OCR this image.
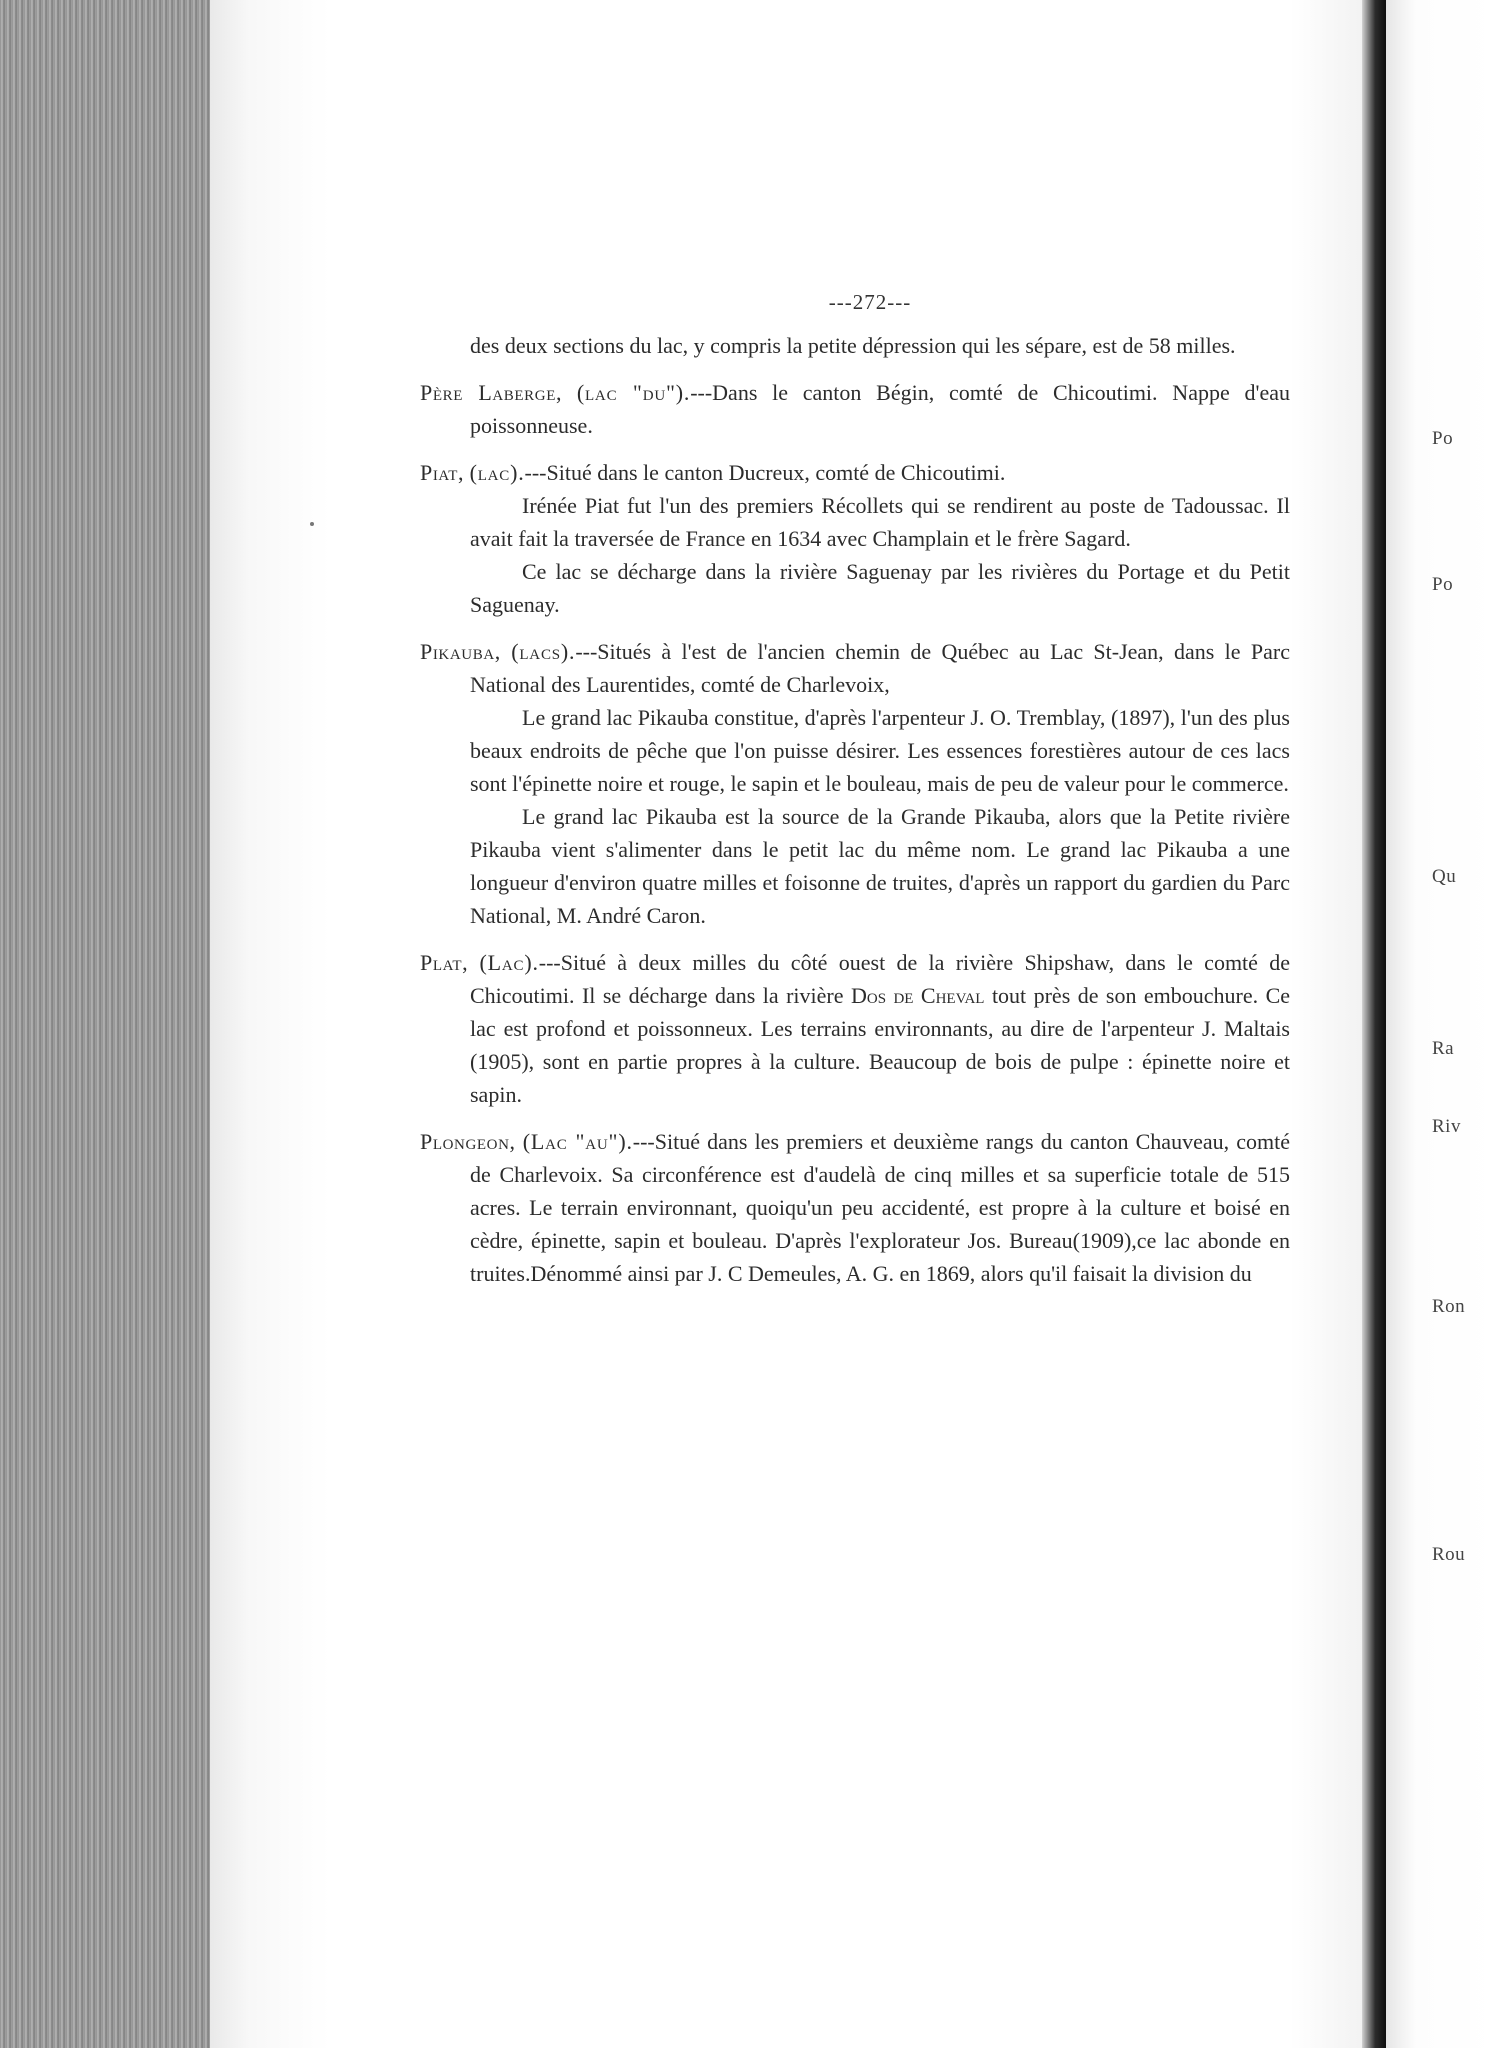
Po
Po
Qu
Ra
Riv
Ron
Rou
---272---

des deux sections du lac, y compris la petite dépression qui les sépare, est de 58 milles.

Père Laberge, (lac "du").---Dans le canton Bégin, comté de Chicoutimi. Nappe d'eau poissonneuse.

Piat, (lac).---Situé dans le canton Ducreux, comté de Chicoutimi.

Irénée Piat fut l'un des premiers Récollets qui se rendirent au poste de Tadoussac. Il avait fait la traversée de France en 1634 avec Champlain et le frère Sagard.

Ce lac se décharge dans la rivière Saguenay par les rivières du Portage et du Petit Saguenay.

Pikauba, (lacs).---Situés à l'est de l'ancien chemin de Québec au Lac St-Jean, dans le Parc National des Laurentides, comté de Charlevoix,

Le grand lac Pikauba constitue, d'après l'arpenteur J. O. Tremblay, (1897), l'un des plus beaux endroits de pêche que l'on puisse désirer. Les essences forestières autour de ces lacs sont l'épinette noire et rouge, le sapin et le bouleau, mais de peu de valeur pour le commerce.

Le grand lac Pikauba est la source de la Grande Pikauba, alors que la Petite rivière Pikauba vient s'alimenter dans le petit lac du même nom. Le grand lac Pikauba a une longueur d'environ quatre milles et foisonne de truites, d'après un rapport du gardien du Parc National, M. André Caron.

Plat, (Lac).---Situé à deux milles du côté ouest de la rivière Shipshaw, dans le comté de Chicoutimi. Il se décharge dans la rivière Dos de Cheval tout près de son embouchure. Ce lac est profond et poissonneux. Les terrains environnants, au dire de l'arpenteur J. Maltais (1905), sont en partie propres à la culture. Beaucoup de bois de pulpe : épinette noire et sapin.

Plongeon, (Lac "au").---Situé dans les premiers et deuxième rangs du canton Chauveau, comté de Charlevoix. Sa circonférence est d'audelà de cinq milles et sa superficie totale de 515 acres. Le terrain environnant, quoiqu'un peu accidenté, est propre à la culture et boisé en cèdre, épinette, sapin et bouleau. D'après l'explorateur Jos. Bureau(1909),ce lac abonde en truites.Dénommé ainsi par J. C Demeules, A. G. en 1869, alors qu'il faisait la division du
